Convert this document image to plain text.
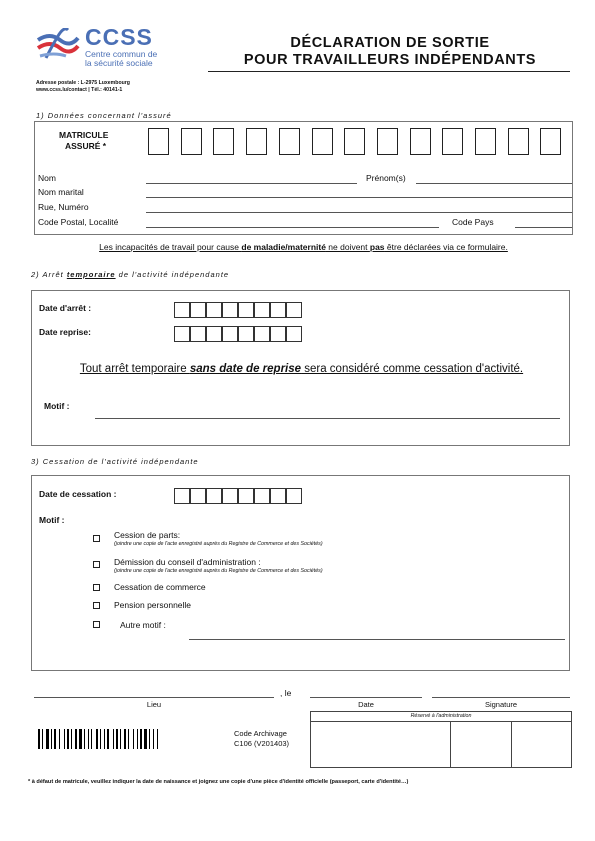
CCSS
Centre commun de
la sécurité sociale
Adresse postale : L-2975 Luxembourg
www.ccss.lu/contact | Tél.: 40141-1
DÉCLARATION DE SORTIE
POUR TRAVAILLEURS INDÉPENDANTS
1) Données concernant l'assuré
MATRICULE
ASSURÉ *
Nom	Prénom(s)
Nom marital
Rue, Numéro
Code Postal, Localité	Code Pays
Les incapacités de travail pour cause de maladie/maternité ne doivent pas être déclarées via ce formulaire.
2) Arrêt temporaire de l'activité indépendante
Date d'arrêt :
Date reprise:
Tout arrêt temporaire sans date de reprise sera considéré comme cessation d'activité.
Motif :
3) Cessation de l'activité indépendante
Date de cessation :
Motif :
Cession de parts:
(joindre une copie de l'acte enregistré auprès du Registre de Commerce et des Sociétés)
Démission du conseil d'administration :
(joindre une copie de l'acte enregistré auprès du Registre de Commerce et des Sociétés)
Cessation de commerce
Pension personnelle
Autre motif :
, le
Lieu	Date	Signature
Réservé à l'administration
Code Archivage
C106 (V201403)
* à défaut de matricule, veuillez indiquer la date de naissance et joignez une copie d'une pièce d'identité officielle (passeport, carte d'identité…)
